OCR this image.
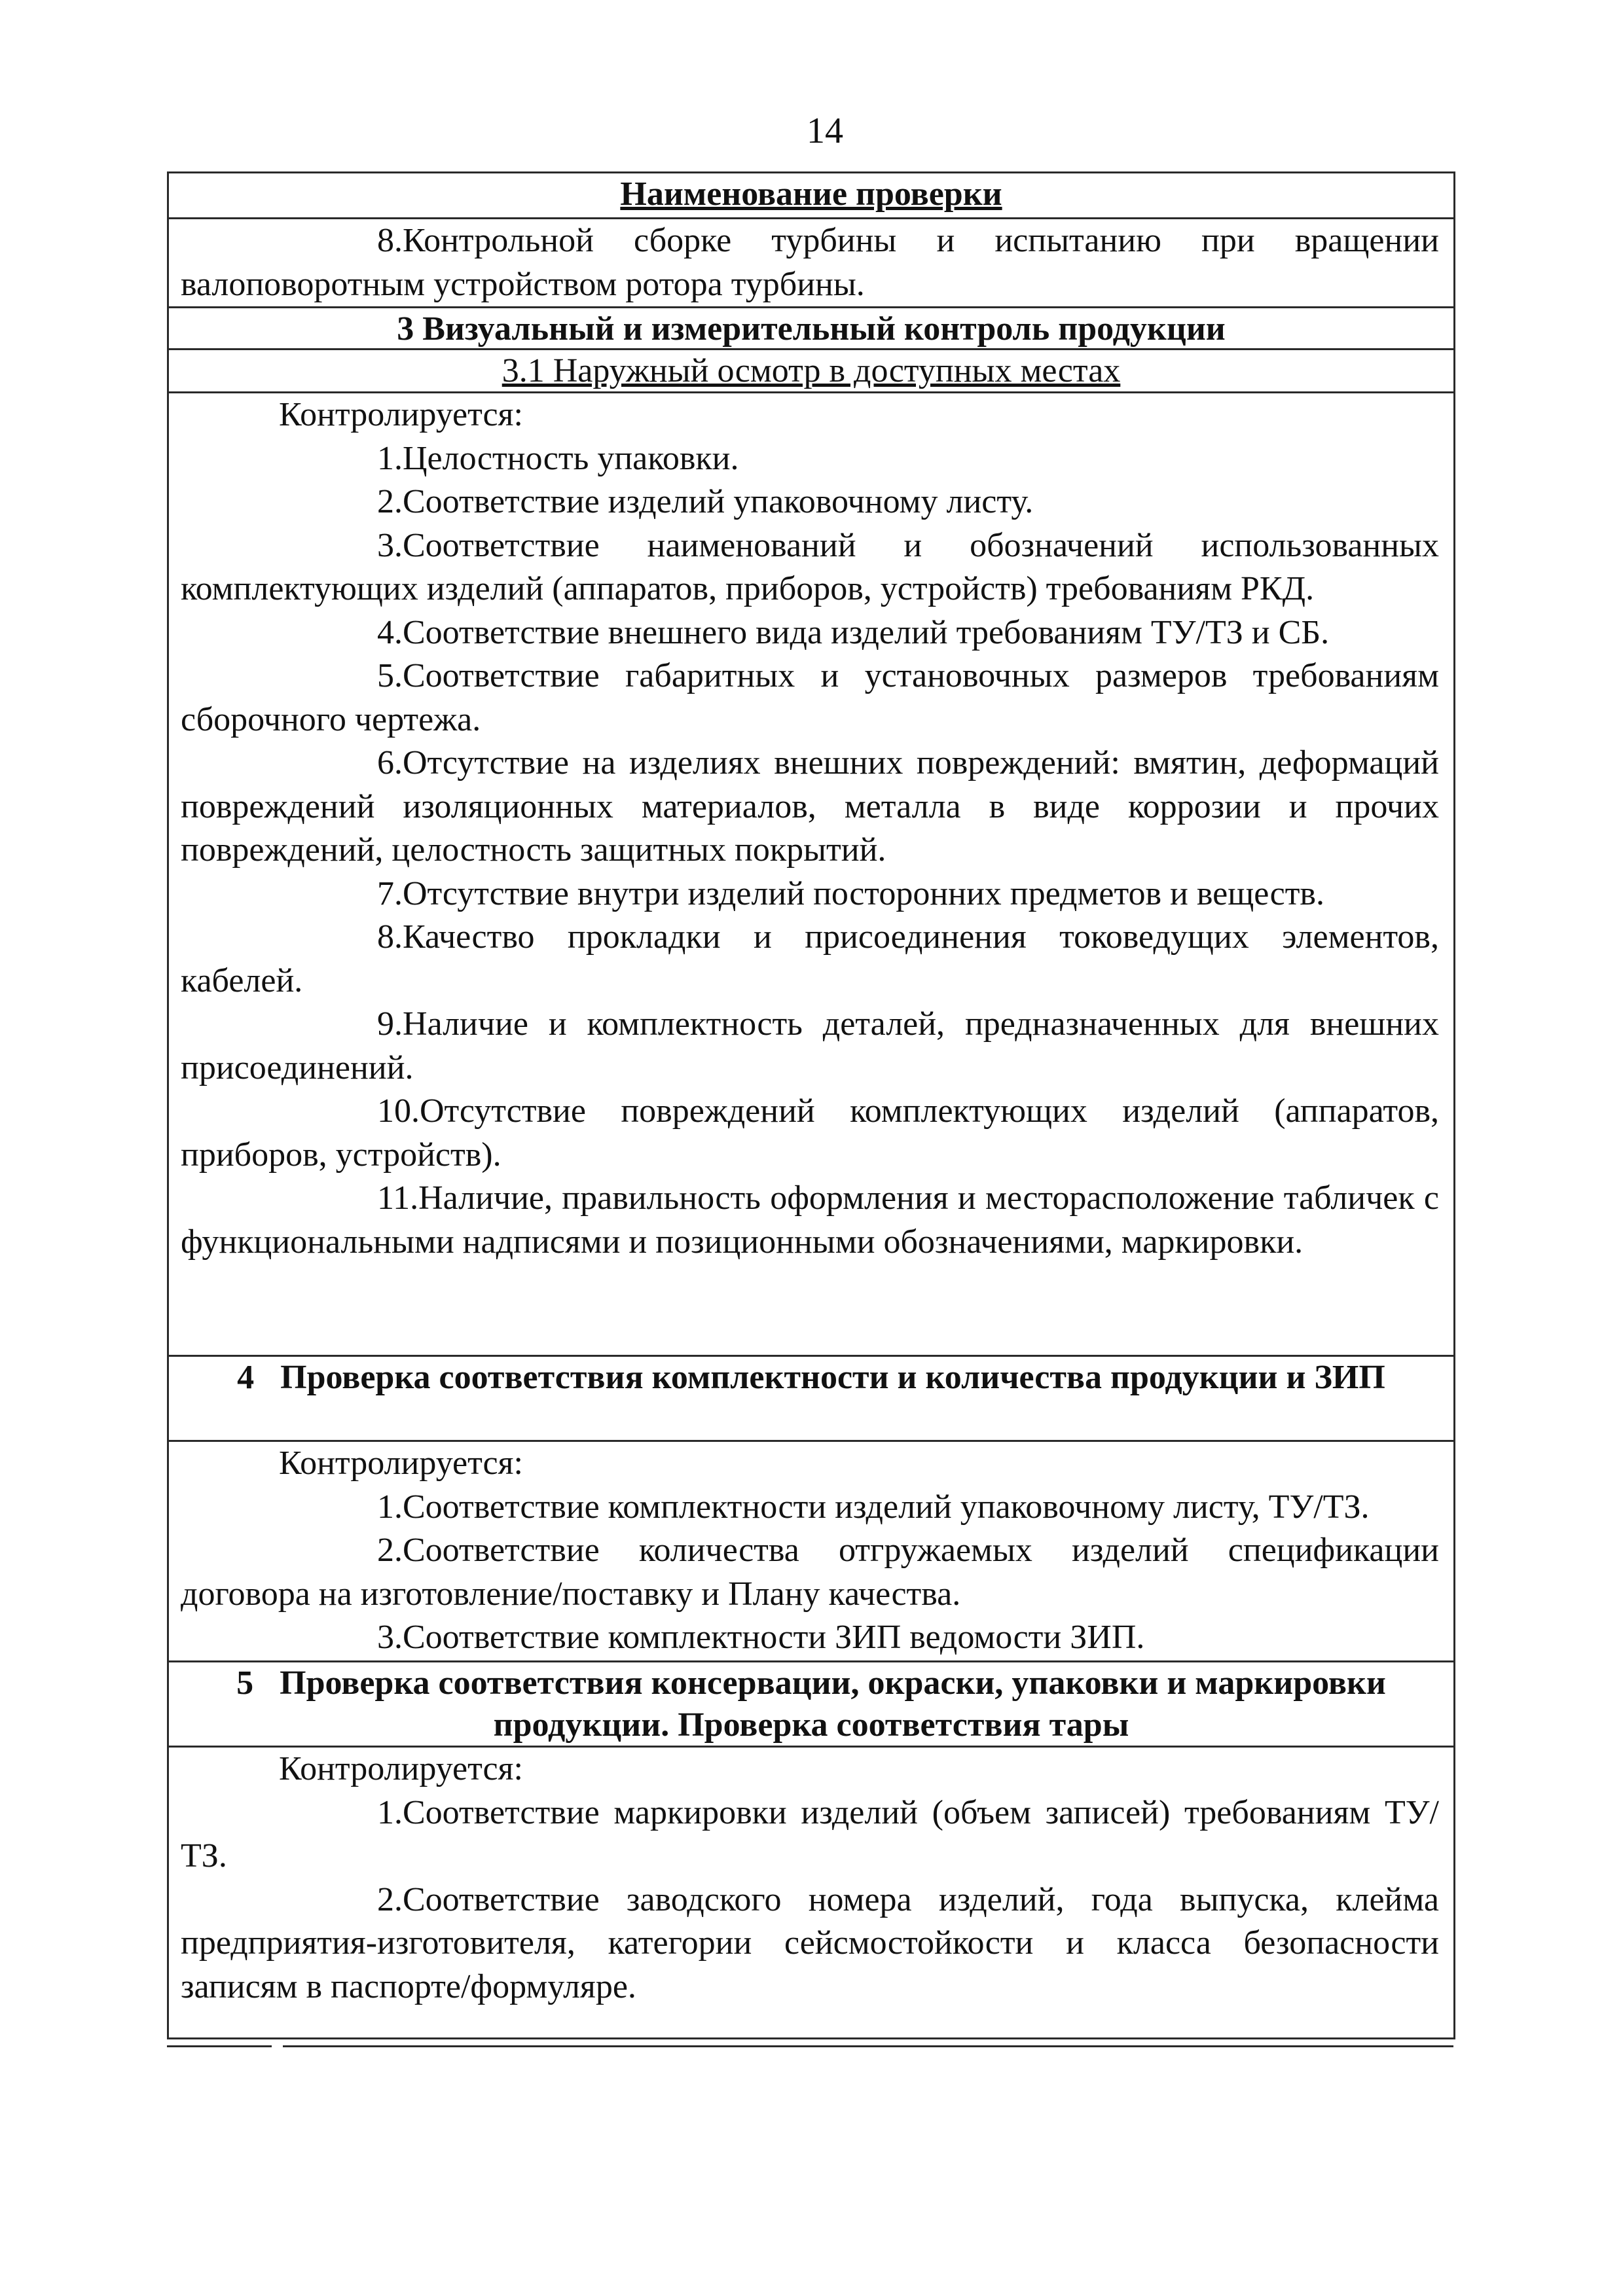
14
Наименование проверки

8.Контрольной сборке турбины и испытанию при вращении валоповоротным устройством ротора турбины.

3 Визуальный и измерительный контроль продукции
3.1 Наружный осмотр в доступных местах

Контролируется:

1.Целостность упаковки.

2.Соответствие изделий упаковочному листу.

3.Соответствие наименований и обозначений использованных комплектующих изделий (аппаратов, приборов, устройств) требованиям РКД.

4.Соответствие внешнего вида изделий требованиям ТУ/ТЗ и СБ.

5.Соответствие габаритных и установочных размеров требованиям сборочного чертежа.

6.Отсутствие на изделиях внешних повреждений: вмятин, деформаций повреждений изоляционных материалов, металла в виде коррозии и прочих повреждений, целостность защитных покрытий.

7.Отсутствие внутри изделий посторонних предметов и веществ.

8.Качество прокладки и присоединения токоведущих элементов, кабелей.

9.Наличие и комплектность деталей, предназначенных для внешних присоединений.

10.Отсутствие повреждений комплектующих изделий (аппаратов, приборов, устройств).

11.Наличие, правильность оформления и месторасположение табличек с функциональными надписями и позиционными обозначениями, маркировки.

4 Проверка соответствия комплектности и количества продукции и ЗИП

Контролируется:

1.Соответствие комплектности изделий упаковочному листу, ТУ/ТЗ.

2.Соответствие количества отгружаемых изделий спецификации договора на изготовление/поставку и Плану качества.

3.Соответствие комплектности ЗИП ведомости ЗИП.

5 Проверка соответствия консервации, окраски, упаковки и маркировки продукции. Проверка соответствия тары

Контролируется:

1.Соответствие маркировки изделий (объем записей) требованиям ТУ/ТЗ.

2.Соответствие заводского номера изделий, года выпуска, клейма предприятия-изготовителя, категории сейсмостойкости и класса безопасности записям в паспорте/формуляре.
